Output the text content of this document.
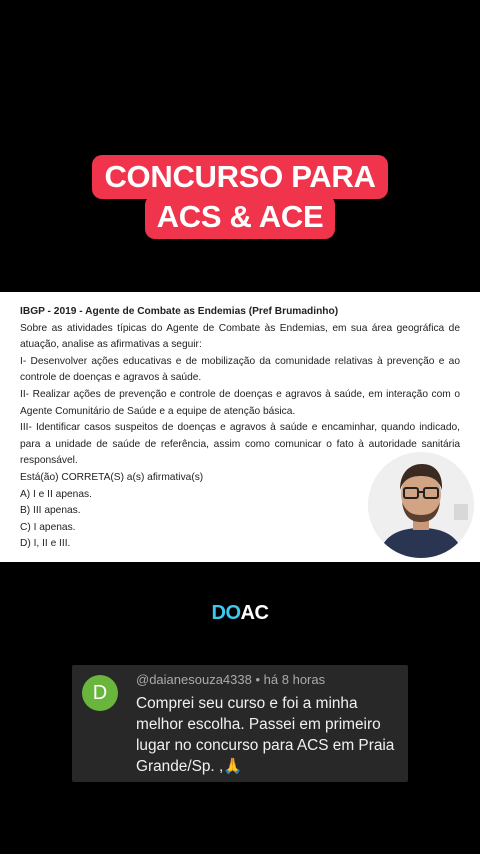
CONCURSO PARA
ACS & ACE

IBGP - 2019 - Agente de Combate as Endemias (Pref Brumadinho)

Sobre as atividades típicas do Agente de Combate às Endemias, em sua área geográfica de atuação, analise as afirmativas a seguir:

I- Desenvolver ações educativas e de mobilização da comunidade relativas à prevenção e ao controle de doenças e agravos à saúde.

II- Realizar ações de prevenção e controle de doenças e agravos à saúde, em interação com o Agente Comunitário de Saúde e a equipe de atenção básica.

III- Identificar casos suspeitos de doenças e agravos à saúde e encaminhar, quando indicado, para a unidade de saúde de referência, assim como comunicar o fato à autoridade sanitária responsável.

Está(ão) CORRETA(S) a(s) afirmativa(s)

A) I e II apenas.

B) III apenas.

C) I apenas.

D) I, II e III.

DOAC
D
@daianesouza4338 • há 8 horas
Comprei seu curso e foi a minha melhor escolha. Passei em primeiro lugar no concurso para ACS em Praia Grande/Sp. ,🙏
